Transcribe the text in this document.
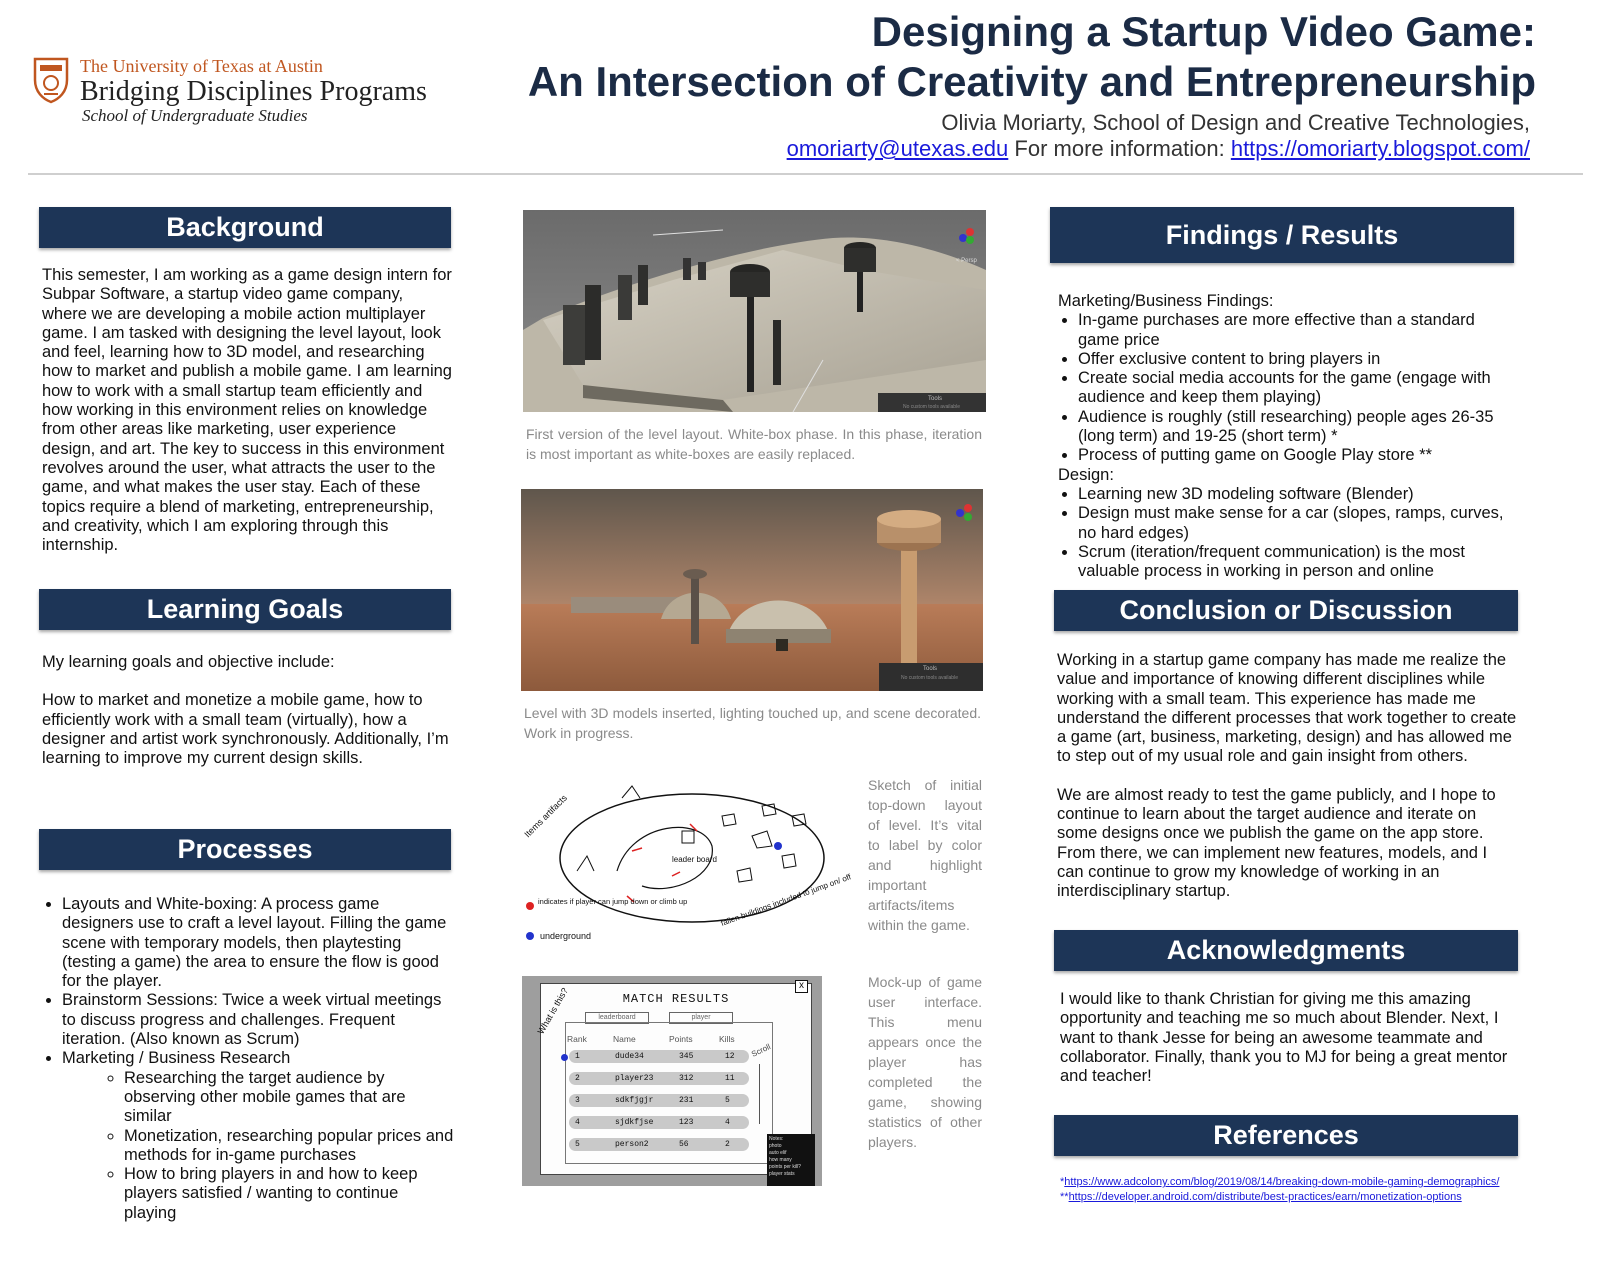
The University of Texas at Austin
Bridging Disciplines Programs
School of Undergraduate Studies
Designing a Startup Video Game:
An Intersection of Creativity and Entrepreneurship
Olivia Moriarty, School of Design and Creative Technologies,
omoriarty@utexas.edu For more information: https://omoriarty.blogspot.com/
Background
This semester, I am working as a game design intern for Subpar Software, a startup video game company, where we are developing a mobile action multiplayer game. I am tasked with designing the level layout, look and feel, learning how to 3D model, and researching how to market and publish a mobile game. I am learning how to work with a small startup team efficiently and how working in this environment relies on knowledge from other areas like marketing, user experience design, and art. The key to success in this environment revolves around the user, what attracts the user to the game, and what makes the user stay. Each of these topics require a blend of marketing, entrepreneurship, and creativity, which I am exploring through this internship.
Learning Goals

My learning goals and objective include:

How to market and monetize a mobile game, how to efficiently work with a small team (virtually), how a designer and artist work synchronously. Additionally, I’m learning to improve my current design skills.

Processes
• Layouts and White-boxing: A process game designers use to craft a level layout. Filling the game scene with temporary models, then playtesting (testing a game) the area to ensure the flow is good for the player.
• Brainstorm Sessions: Twice a week virtual meetings to discuss progress and challenges. Frequent iteration. (Also known as Scrum)
• Marketing / Business Research
◦ Researching the target audience by observing other mobile games that are similar
◦ Monetization, researching popular prices and methods for in-game purchases
◦ How to bring players in and how to keep players satisfied / wanting to continue playing
< Persp
Tools
No custom tools available
First version of the level layout. White-box phase. In this phase, iteration is most important as white-boxes are easily replaced.
Tools
No custom tools available
Level with 3D models inserted, lighting touched up, and scene decorated. Work in progress.
Items artifacts
leader board
indicates if player can jump down or climb up
underground
fallen buildings included to jump on/ off
Sketch of initial top-down layout of level. It’s vital to label by color and highlight important artifacts/items within the game.
MATCH RESULTS
x
What is this?	leaderboard	player
Rank	Name	Points	Kills
1	dude34	345	12
2	player23	312	11
3	sdkfjgjr	231	5
4	sjdkfjse	123	4
5	person2	56	2
Scroll
Notes:
photo
auto elif
how many
points per kill?
player stats
Mock-up of game user interface. This menu appears once the player has completed the game, showing statistics of other players.
Findings / Results

Marketing/Business Findings:

• In-game purchases are more effective than a standard game price
• Offer exclusive content to bring players in
• Create social media accounts for the game (engage with audience and keep them playing)
• Audience is roughly (still researching) people ages 26-35 (long term) and 19-25 (short term) *
• Process of putting game on Google Play store **

Design:

• Learning new 3D modeling software (Blender)
• Design must make sense for a car (slopes, ramps, curves, no hard edges)
• Scrum (iteration/frequent communication) is the most valuable process in working in person and online
Conclusion or Discussion

Working in a startup game company has made me realize the value and importance of knowing different disciplines while working with a small team. This experience has made me understand the different processes that work together to create a game (art, business, marketing, design) and has allowed me to step out of my usual role and gain insight from others.

We are almost ready to test the game publicly, and I hope to continue to learn about the target audience and iterate on some designs once we publish the game on the app store. From there, we can implement new features, models, and I can continue to grow my knowledge of working in an interdisciplinary startup.

Acknowledgments
I would like to thank Christian for giving me this amazing opportunity and teaching me so much about Blender. Next, I want to thank Jesse for being an awesome teammate and collaborator. Finally, thank you to MJ for being a great mentor and teacher!
References
*https://www.adcolony.com/blog/2019/08/14/breaking-down-mobile-gaming-demographics/
**https://developer.android.com/distribute/best-practices/earn/monetization-options
